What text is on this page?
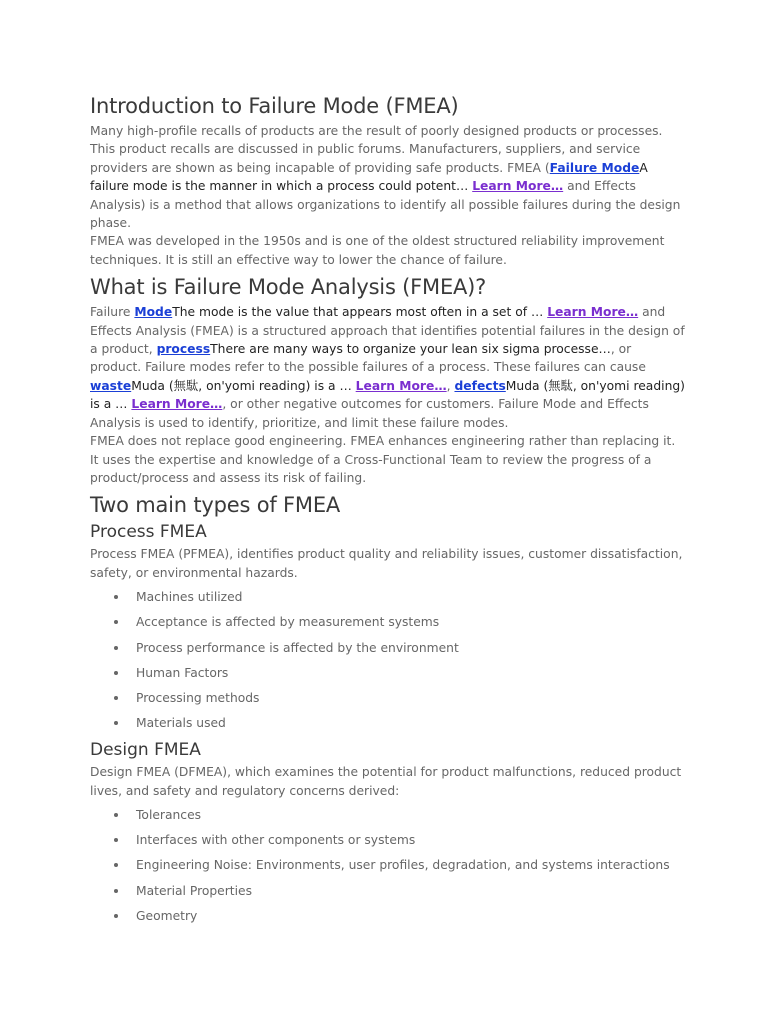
Introduction to Failure Mode (FMEA)

Many high-profile recalls of products are the result of poorly designed products or processes. This product recalls are discussed in public forums. Manufacturers, suppliers, and service providers are shown as being incapable of providing safe products. FMEA (Failure ModeA failure mode is the manner in which a process could potent… Learn More… and Effects Analysis) is a method that allows organizations to identify all possible failures during the design phase.

FMEA was developed in the 1950s and is one of the oldest structured reliability improvement techniques. It is still an effective way to lower the chance of failure.

What is Failure Mode Analysis (FMEA)?

Failure ModeThe mode is the value that appears most often in a set of … Learn More… and Effects Analysis (FMEA) is a structured approach that identifies potential failures in the design of a product, processThere are many ways to organize your lean six sigma processe…, or product. Failure modes refer to the possible failures of a process. These failures can cause wasteMuda (無駄, on'yomi reading) is a … Learn More…, defectsMuda (無駄, on'yomi reading) is a … Learn More…, or other negative outcomes for customers. Failure Mode and Effects Analysis is used to identify, prioritize, and limit these failure modes.

FMEA does not replace good engineering. FMEA enhances engineering rather than replacing it. It uses the expertise and knowledge of a Cross-Functional Team to review the progress of a product/process and assess its risk of failing.

Two main types of FMEA
Process FMEA

Process FMEA (PFMEA), identifies product quality and reliability issues, customer dissatisfaction, safety, or environmental hazards.

Machines utilized
Acceptance is affected by measurement systems
Process performance is affected by the environment
Human Factors
Processing methods
Materials used
Design FMEA

Design FMEA (DFMEA), which examines the potential for product malfunctions, reduced product lives, and safety and regulatory concerns derived:

Tolerances
Interfaces with other components or systems
Engineering Noise: Environments, user profiles, degradation, and systems interactions
Material Properties
Geometry
